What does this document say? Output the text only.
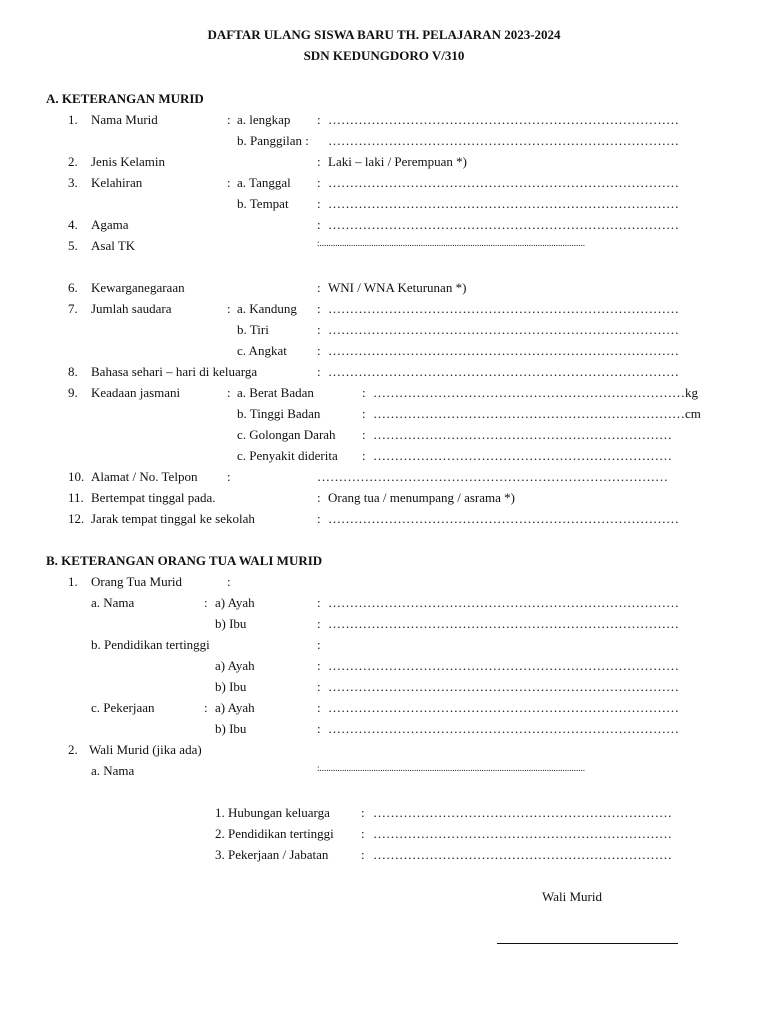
DAFTAR ULANG SISWA BARU TH. PELAJARAN 2023-2024
SDN KEDUNGDORO V/310
A. KETERANGAN MURID
1. Nama Murid	: a. lengkap : ………………………………………………………………………
b. Panggilan : ………………………………………………………………………
2. Jenis Kelamin	: Laki – laki / Perempuan *)
3. Kelahiran	: a. Tanggal : ………………………………………………………………………
b. Tempat : ………………………………………………………………………
4. Agama	: ………………………………………………………………………
5. Asal TK	:......................................................................................................................
6. Kewarganegaraan	: WNI / WNA Keturunan *)
7. Jumlah saudara	: a. Kandung : ………………………………………………………………………
b. Tiri	: ………………………………………………………………………
c. Angkat : ………………………………………………………………………
8. Bahasa sehari – hari di keluarga	: ………………………………………………………………………
9. Keadaan jasmani	: a. Berat Badan	: ………………………………………………………………kg
b. Tinggi Badan	: ………………………………………………………………cm
c. Golongan Darah : ……………………………………………………………
c. Penyakit diderita : ……………………………………………………………
10. Alamat / No. Telpon :	………………………………………………………………………
11. Bertempat tinggal pada.	: Orang tua / menumpang / asrama *)
12. Jarak tempat tinggal ke sekolah	: ………………………………………………………………………
B. KETERANGAN ORANG TUA WALI MURID
1. Orang Tua Murid	:
a. Nama	: a) Ayah	: ………………………………………………………………………
b) Ibu	: ………………………………………………………………………
b. Pendidikan tertinggi	:
a) Ayah	: ………………………………………………………………………
b) Ibu	: ………………………………………………………………………
c. Pekerjaan	: a) Ayah	: ………………………………………………………………………
b) Ibu	: ………………………………………………………………………
2. Wali Murid (jika ada)
a. Nama	:......................................................................................................................
1. Hubungan keluarga : ……………………………………………………………
2. Pendidikan tertinggi : ……………………………………………………………
3. Pekerjaan / Jabatan	: ……………………………………………………………
Wali Murid
